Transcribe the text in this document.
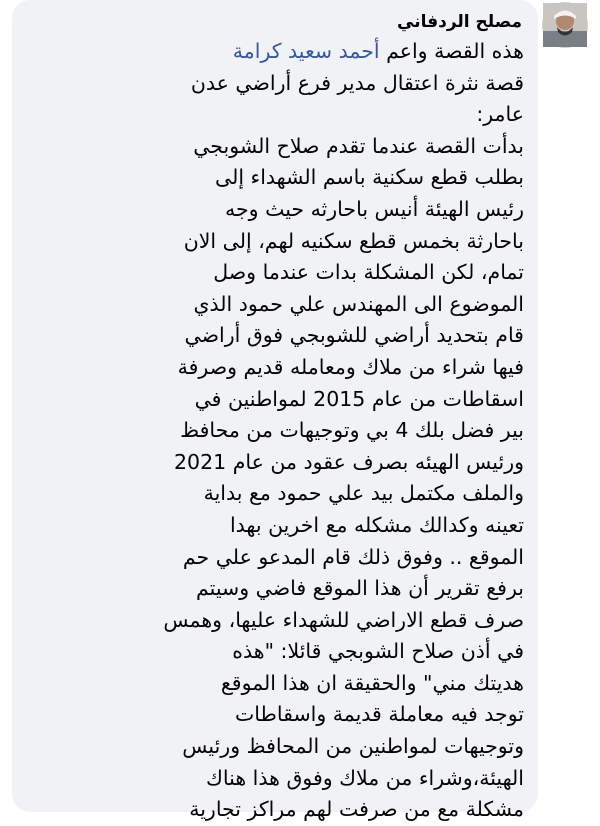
مصلح الردفاني
هذه القصة واعم أحمد سعيد كرامة
قصة نثرة اعتقال مدير فرع أراضي عدن
عامر:
بدأت القصة عندما تقدم صلاح الشوبجي
بطلب قطع سكنية باسم الشهداء إلى
رئيس الهيئة أنيس باحارثه حيث وجه
باحارثة بخمس قطع سكنيه لهم، إلى الان
تمام، لكن المشكلة بدات عندما وصل
الموضوع الى المهندس علي حمود الذي
قام بتحديد أراضي للشوبجي فوق أراضي
فيها شراء من ملاك ومعامله قديم وصرفة
اسقاطات من عام 2015 لمواطنين في
بير فضل بلك 4 بي وتوجيهات من محافظ
ورئيس الهيئه بصرف عقود من عام 2021
والملف مكتمل بيد علي حمود مع بداية
تعينه وكدالك مشكله مع اخرين بهدا
الموقع .. وفوق ذلك قام المدعو علي حم
برفع تقرير أن هذا الموقع فاضي وسيتم
صرف قطع الاراضي للشهداء عليها، وهمس
في أذن صلاح الشوبجي قائلا: "هذه
هديتك مني" والحقيقة ان هذا الموقع
توجد فيه معاملة قديمة واسقاطات
وتوجيهات لمواطنين من المحافظ ورئيس
الهيئة،وشراء من ملاك وفوق هذا هناك
مشكلة مع من صرفت لهم مراكز تجارية
